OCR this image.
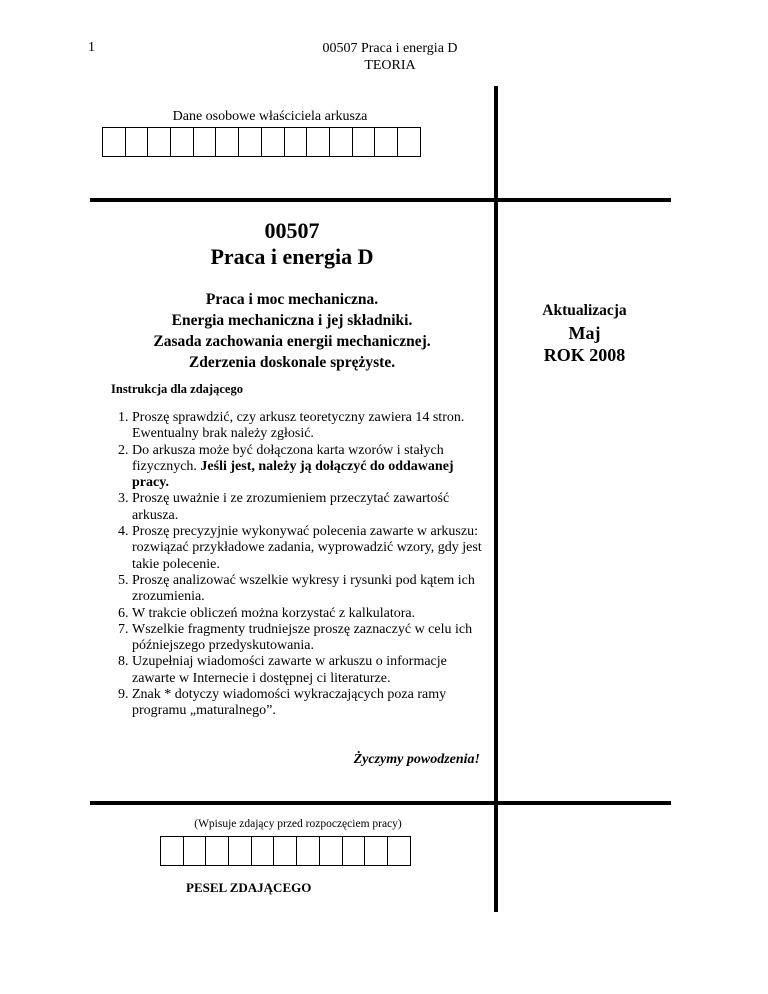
1	00507 Praca i energia D
TEORIA
Dane osobowe właściciela arkusza
00507
Praca i energia D
Praca i moc mechaniczna.
Energia mechaniczna i jej składniki.
Zasada zachowania energii mechanicznej.
Zderzenia doskonale sprężyste.
Aktualizacja
Maj
ROK 2008
Instrukcja dla zdającego
1. Proszę sprawdzić, czy arkusz teoretyczny zawiera 14 stron. Ewentualny brak należy zgłosić.
2. Do arkusza może być dołączona karta wzorów i stałych fizycznych. Jeśli jest, należy ją dołączyć do oddawanej pracy.
3. Proszę uważnie i ze zrozumieniem przeczytać zawartość arkusza.
4. Proszę precyzyjnie wykonywać polecenia zawarte w arkuszu: rozwiązać przykładowe zadania, wyprowadzić wzory, gdy jest takie polecenie.
5. Proszę analizować wszelkie wykresy i rysunki pod kątem ich zrozumienia.
6. W trakcie obliczeń można korzystać z kalkulatora.
7. Wszelkie fragmenty trudniejsze proszę zaznaczyć w celu ich późniejszego przedyskutowania.
8. Uzupełniaj wiadomości zawarte w arkuszu o informacje zawarte w Internecie i dostępnej ci literaturze.
9. Znak * dotyczy wiadomości wykraczających poza ramy programu „maturalnego”.
Życzymy powodzenia!
(Wpisuje zdający przed rozpoczęciem pracy)
PESEL ZDAJĄCEGO
